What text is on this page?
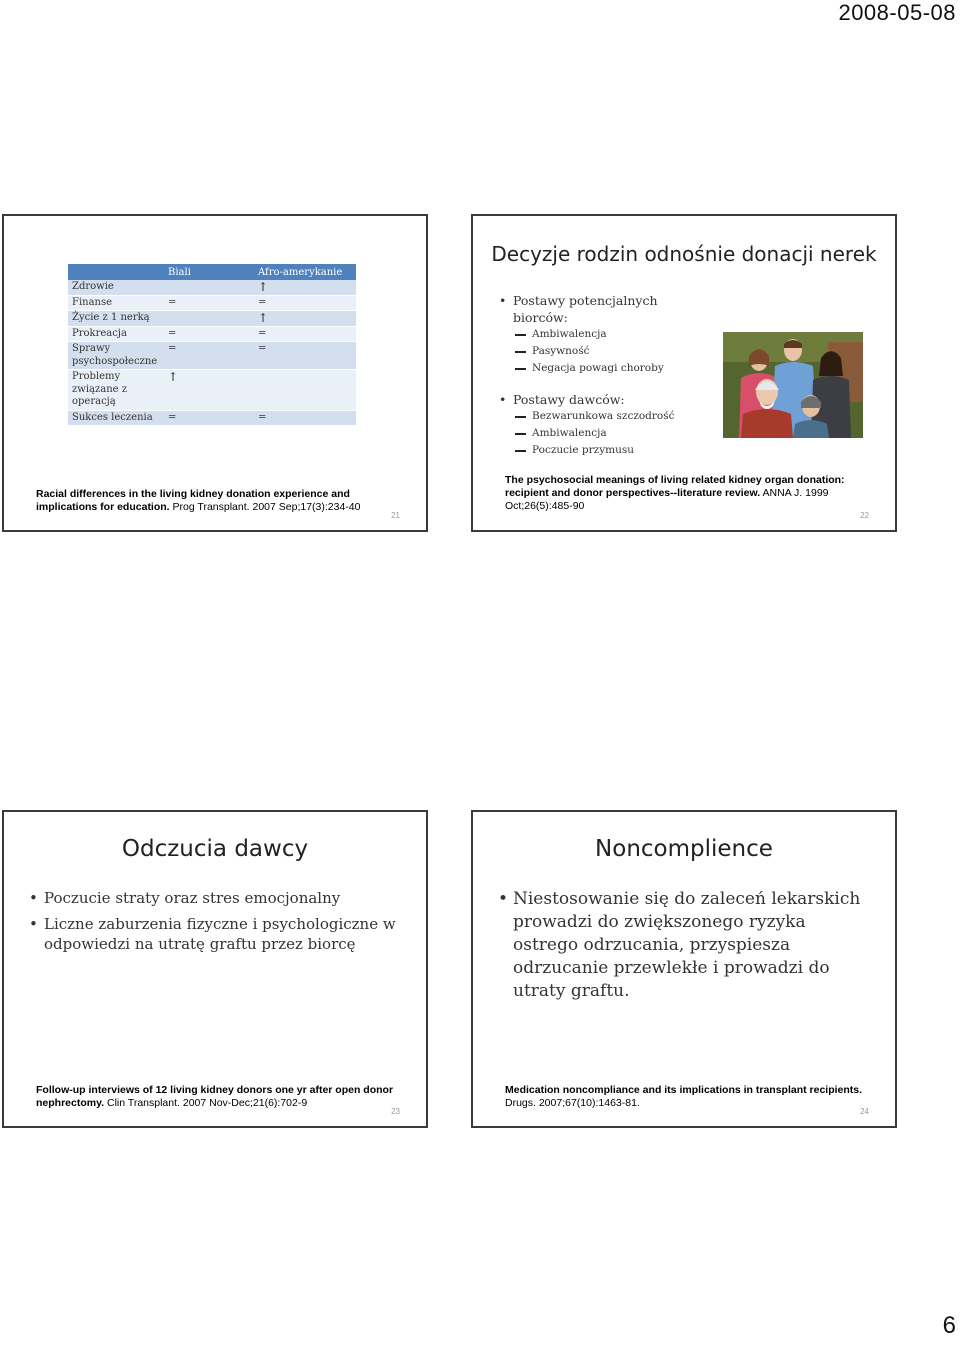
2008-05-08
	Biali	Afro-amerykanie
Zdrowie		↑
Finanse	=	=
Życie z 1 nerką		↑
Prokreacja	=	=
Sprawy psychospołeczne	=	=
Problemy związane z operacją	↑	
Sukces leczenia	=	=
Racial differences in the living kidney donation experience and implications for education. Prog Transplant. 2007 Sep;17(3):234-40
21
Decyzje rodzin odnośnie donacji nerek
• Postawy potencjalnych biorców:
Ambiwalencja
Pasywność
Negacja powagi choroby
• Postawy dawców:
Bezwarunkowa szczodrość
Ambiwalencja
Poczucie przymusu
The psychosocial meanings of living related kidney organ donation: recipient and donor perspectives--literature review. ANNA J. 1999 Oct;26(5):485-90
22
Odczucia dawcy
• Poczucie straty oraz stres emocjonalny
• Liczne zaburzenia fizyczne i psychologiczne w odpowiedzi na utratę graftu przez biorcę
Follow-up interviews of 12 living kidney donors one yr after open donor nephrectomy. Clin Transplant. 2007 Nov-Dec;21(6):702-9
23
Noncomplience
• Niestosowanie się do zaleceń lekarskich prowadzi do zwiększonego ryzyka ostrego odrzucania, przyspiesza odrzucanie przewlekłe i prowadzi do utraty graftu.
Medication noncompliance and its implications in transplant recipients. Drugs. 2007;67(10):1463-81.
24
6
